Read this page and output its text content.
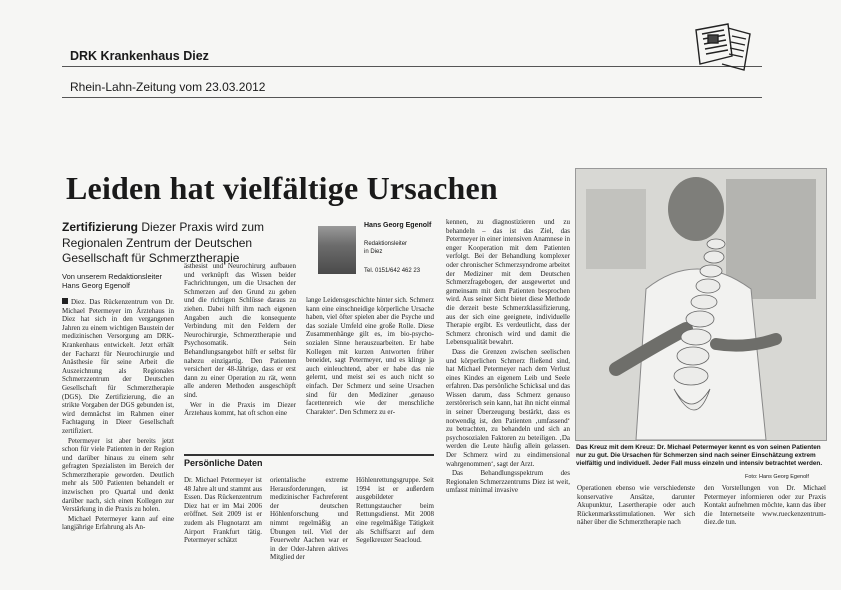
DRK Krankenhaus Diez
Rhein-Lahn-Zeitung vom 23.03.2012
Leiden hat vielfältige Ursachen
Zertifizierung Diezer Praxis wird zum Regionalen Zentrum der Deutschen Gesellschaft für Schmerztherapie
Von unserem Redaktionsleiter
Hans Georg Egenolf
Hans Georg Egenolf
Redaktionsleiter
in Diez
Tel. 0151/642 462 23

Diez. Das Rückenzentrum von Dr. Michael Petermeyer im Ärztehaus in Diez hat sich in den vergangenen Jahren zu einem wichtigen Baustein der medizinischen Versorgung am DRK-Krankenhaus entwickelt. Jetzt erhält der Facharzt für Neurochirurgie und Anästhesie für seine Arbeit die Auszeichnung als Regionales Schmerzzentrum der Deutschen Gesellschaft für Schmerztherapie (DGS). Die Zertifizierung, die an strikte Vorgaben der DGS gebunden ist, wird demnächst im Rahmen einer Fachtagung in Dieer Gesellschaft zertifiziert.

Petermeyer ist aber bereits jetzt schon für viele Patienten in der Region und darüber hinaus zu einem sehr gefragten Spezialisten im Bereich der Schmerztherapie geworden. Deutlich mehr als 500 Patienten behandelt er inzwischen pro Quartal und denkt darüber nach, sich einen Kollegen zur Verstärkung in die Praxis zu holen.

Michael Petermeyer kann auf eine langjährige Erfahrung als An-

ästhesist und Neurochirurg aufbauen und verknüpft das Wissen beider Fachrichtungen, um die Ursachen der Schmerzen auf den Grund zu gehen und die richtigen Schlüsse daraus zu ziehen. Dabei hilft ihm nach eigenen Angaben auch die konsequente Verbindung mit den Feldern der Neurochirurgie, Schmerztherapie und Psychosomatik. Sein Behandlungsangebot hilft er selbst für nahezu einzigartig. Den Patienten versichert der 48-Jährige, dass er erst dann zu einer Operation zu rät, wenn alle anderen Methoden ausgeschöpft sind.

Wer in die Praxis im Diezer Ärztehaus kommt, hat oft schon eine

lange Leidensgeschichte hinter sich. Schmerz kann eine einschneidige körperliche Ursache haben, viel öfter spielen aber die Psyche und das soziale Umfeld eine große Rolle. Diese Zusammenhänge gilt es, im bio-psycho-sozialen Sinne herauszuarbeiten. Er habe Kollegen mit kurzen Antworten früher beneidet, sagt Petermeyer, und es klinge ja auch einleuchtend, aber er habe das nie gelernt, und meist sei es auch nicht so einfach. Der Schmerz und seine Ursachen sind für den Mediziner ‚genauso facettenreich wie der menschliche Charakter‘. Den Schmerz zu er-

kennen, zu diagnostizieren und zu behandeln – das ist das Ziel, das Petermeyer in einer intensiven Anamnese in enger Kooperation mit dem Patienten verfolgt. Bei der Behandlung komplexer oder chronischer Schmerzsyndrome arbeitet der Mediziner mit dem Deutschen Schmerzfragebogen, der ausgewertet und gemeinsam mit dem Patienten besprochen wird. Aus seiner Sicht bietet diese Methode die derzeit beste Schmerzklassifizierung, aus der sich eine geeignete, individuelle Therapie ergibt. Es verdeutlicht, dass der Schmerz chronisch wird und damit die Lebensqualität bewahrt.

Dass die Grenzen zwischen seelischen und körperlichen Schmerz fließend sind, hat Michael Petermeyer nach dem Verlust eines Kindes an eigenem Leib und Seele erfahren. Das persönliche Schicksal und das Wissen darum, dass Schmerz genauso zerstörerisch sein kann, hat ihn nicht einmal in seiner Überzeugung bestärkt, dass es notwendig ist, den Patienten ‚umfassend‘ zu betrachten, zu behandeln und sich an psychosozialen Faktoren zu beteiligen. ‚Da werden die Leute häufig allein gelassen. Der Schmerz wird zu eindimensional wahrgenommen‘, sagt der Arzt.

Das Behandlungsspektrum des Regionalen Schmerzzentrums Diez ist weit, umfasst minimal invasive

Persönliche Daten

Dr. Michael Petermeyer ist 48 Jahre alt und stammt aus Essen. Das Rückenzentrum Diez hat er im Mai 2006 eröffnet. Seit 2009 ist er zudem als Flugnotarzt am Airport Frankfurt tätig. Petermeyer schätzt

orientalische extreme Herausforderungen, ist medizinischer Fachreferent der deutschen Höhlenforschung und nimmt regelmäßig an Übungen teil. Viel der Feuerwehr Aachen war er in der Oder-Jahren aktives Mitglied der

Höhlenrettungsgruppe. Seit 1994 ist er außerdem ausgebildeter Rettungstaucher beim Rettungsdienst. Mit 2008 eine regelmäßige Tätigkeit als Schiffsarzt auf dem Segelkreuzer Seacloud.

Das Kreuz mit dem Kreuz: Dr. Michael Petermeyer kennt es von seinen Patienten nur zu gut. Die Ursachen für Schmerzen sind nach seiner Einschätzung extrem vielfältig und individuell. Jeder Fall muss einzeln und intensiv betrachtet werden.
Foto: Hans Georg Egenolf

Operationen ebenso wie verschiedenste konservative Ansätze, darunter Akupunktur, Lasertherapie oder auch Rückenmarksstimulationen. Wer sich näher über die Schmerztherapie nach

den Vorstellungen von Dr. Michael Petermeyer informieren oder zur Praxis Kontakt aufnehmen möchte, kann das über die Internetseite www.rueckenzentrum-diez.de tun.
